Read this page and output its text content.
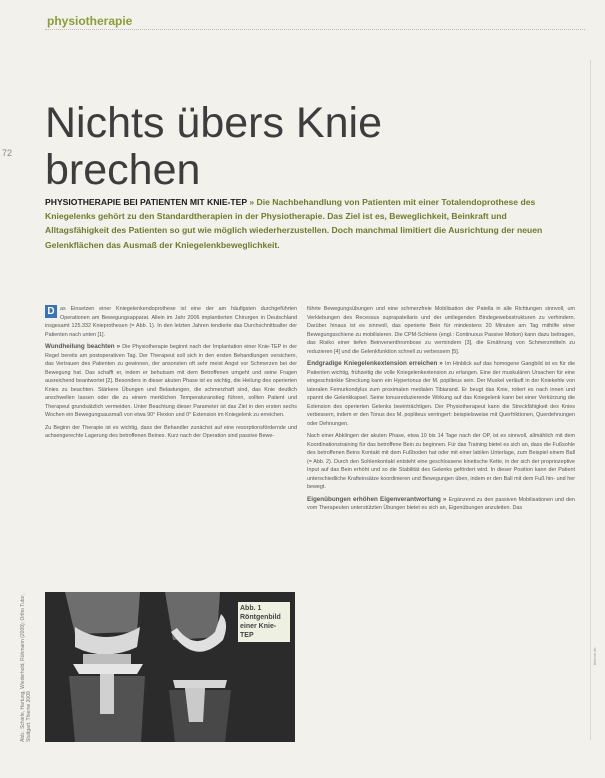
physiotherapie
72
Nichts übers Knie
brechen
PHYSIOTHERAPIE BEI PATIENTEN MIT KNIE-TEP » Die Nachbehandlung von Patienten mit einer Totalendoprothese des Kniegelenks gehört zu den Standardtherapien in der Physiotherapie. Das Ziel ist es, Beweglichkeit, Beinkraft und Alltagsfähigkeit des Patienten so gut wie möglich wiederherzustellen. Doch manchmal limitiert die Ausrichtung der neuen Gelenkflächen das Ausmaß der Kniegelenkbeweglichkeit.

D as Einsetzen einer Kniegelenkendoprothese ist eine der am häufigsten durchgeführten Operationen am Bewegungsapparat. Allein im Jahr 2006 implantierten Chirurgen in Deutschland insgesamt 125.332 Knieprothesen (= Abb. 1). In den letzten Jahren tendierte das Durchschnittsalter der Patienten nach unten [1].

Wundheilung beachten » Die Physiotherapie beginnt nach der Implantation einer Knie-TEP in der Regel bereits am postoperativen Tag. Der Therapeut soll sich in den ersten Behandlungen versichern, das Vertrauen des Patienten zu gewinnen, der ansonsten oft sehr meist Angst vor Schmerzen bei der Bewegung hat. Das schafft er, indem er behutsam mit dem Betroffenen umgeht und seine Fragen ausreichend beantwortet [2]. Besonders in dieser akuten Phase ist es wichtig, die Heilung des operierten Knies zu beachten. Stärkere Übungen und Belastungen, die schmerzhaft sind, das Knie deutlich anschwellen lassen oder die zu einem merklichen Temperaturanstieg führen, sollten Patient und Therapeut grundsätzlich vermeiden. Unter Beachtung dieser Parameter ist das Ziel in den ersten sechs Wochen ein Bewegungsausmaß von etwa 90° Flexion und 0° Extension im Kniegelenk zu erreichen.

Zu Beginn der Therapie ist es wichtig, dass der Behandler zunächst auf eine resorptionsfördernde und achsengerechte Lagerung des betroffenen Beines. Kurz nach der Operation sind passive Bewe-

führte Bewegungsübungen und eine schmerzfreie Mobilisation der Patella in alle Richtungen sinnvoll, um Verklebungen des Recessus suprapatellaris und der umliegenden Bindegewebsstrukturen zu verhindern. Darüber hinaus ist es sinnvoll, das operierte Bein für mindestens 20 Minuten am Tag mithilfe einer Bewegungsschiene zu mobilisieren. Die CPM-Schiene (engl.: Continuous Passive Motion) kann dazu beitragen, das Risiko einer tiefen Beinvenenthrombose zu vermindern [3], die Ernährung von Schmerzmitteln zu reduzieren [4] und die Gelenkfunktion schnell zu verbessern [5].

Endgradige Kniegelenkextension erreichen » Im Hinblick auf das homogene Gangbild ist es für die Patienten wichtig, frühzeitig die volle Kniegelenkextension zu erlangen. Eine der muskulären Ursachen für eine eingeschränkte Streckung kann ein Hypertonus der M. popliteus sein. Der Muskel verläuft in der Kniekehle von lateralen Femurkondylus zum proximalen medialen Tibiarand. Er beugt das Knie, rotiert es nach innen und spannt die Gelenkkapsel. Seine tonusreduzierende Wirkung auf das Kniegelenk kann bei einer Verkürzung die Extension des operierten Gelenks beeinträchtigen. Der Physiotherapeut kann die Streckfähigkeit des Knies verbessern, indem er den Tonus des M. popliteus verringert: beispielsweise mit Querfriktionen, Querdehnungen oder Dehnungen.

Nach einer Abklingen der akuten Phase, etwa 10 bis 14 Tage nach der OP, ist es sinnvoll, allmählich mit dem Koordinationstraining für das betroffene Bein zu beginnen. Für das Training bietet es sich an, dass die Fußsohle des betroffenen Beins Kontakt mit dem Fußboden hat oder mit einer labilen Unterlage, zum Beispiel einem Ball (= Abb. 2). Durch den Sohlenkontakt entsteht eine geschlossene kinetische Kette, in der sich der propriozeptive Input auf das Bein erhöht und so die Stabilität des Gelenks gefördert wird. In dieser Position kann der Patient unterschiedliche Krafteinsätze koordinieren und Bewegungen üben, indem er den Ball mit dem Fuß hin- und her bewegt.

Eigenübungen erhöhen Eigenverantwortung » Ergänzend zu den passiven Mobilisationen und den vom Therapeuten unterstützten Übungen bietet es sich an, Eigenübungen anzuleiten. Das

Abb. 1 Röntgenbild einer Knie-TEP
Abb.: Schiefe, Hartung, Wiederhold, Rühmann (2009); Ortho Tutor, Stuttgart: Thieme 2009
thieme.de
